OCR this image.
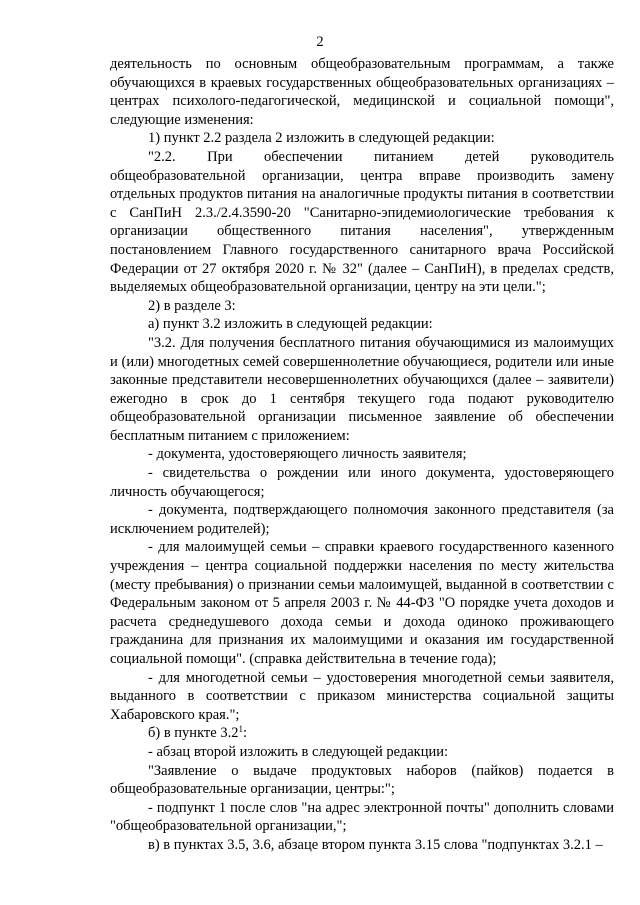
2

деятельность по основным общеобразовательным программам, а также обучающихся в краевых государственных общеобразовательных организациях – центрах психолого-педагогической, медицинской и социальной помощи", следующие изменения:

1) пункт 2.2 раздела 2 изложить в следующей редакции:

"2.2. При обеспечении питанием детей руководитель общеобразовательной организации, центра вправе производить замену отдельных продуктов питания на аналогичные продукты питания в соответствии с СанПиН 2.3./2.4.3590-20 "Санитарно-эпидемиологические требования к организации общественного питания населения", утвержденным постановлением Главного государственного санитарного врача Российской Федерации от 27 октября 2020 г. № 32" (далее – СанПиН), в пределах средств, выделяемых общеобразовательной организации, центру на эти цели.";

2) в разделе 3:

а) пункт 3.2 изложить в следующей редакции:

"3.2. Для получения бесплатного питания обучающимися из малоимущих и (или) многодетных семей совершеннолетние обучающиеся, родители или иные законные представители несовершеннолетних обучающихся (далее – заявители) ежегодно в срок до 1 сентября текущего года подают руководителю общеобразовательной организации письменное заявление об обеспечении бесплатным питанием с приложением:

- документа, удостоверяющего личность заявителя;

- свидетельства о рождении или иного документа, удостоверяющего личность обучающегося;

- документа, подтверждающего полномочия законного представителя (за исключением родителей);

- для малоимущей семьи – справки краевого государственного казенного учреждения – центра социальной поддержки населения по месту жительства (месту пребывания) о признании семьи малоимущей, выданной в соответствии с Федеральным законом от 5 апреля 2003 г. № 44-ФЗ "О порядке учета доходов и расчета среднедушевого дохода семьи и дохода одиноко проживающего гражданина для признания их малоимущими и оказания им государственной социальной помощи". (справка действительна в течение года);

- для многодетной семьи – удостоверения многодетной семьи заявителя, выданного в соответствии с приказом министерства социальной защиты Хабаровского края.";

б) в пункте $3.2^1$:

- абзац второй изложить в следующей редакции:

"Заявление о выдаче продуктовых наборов (пайков) подается в общеобразовательные организации, центры:";

- подпункт 1 после слов "на адрес электронной почты" дополнить словами "общеобразовательной организации,";

в) в пунктах 3.5, 3.6, абзаце втором пункта 3.15 слова "подпунктах 3.2.1 –
